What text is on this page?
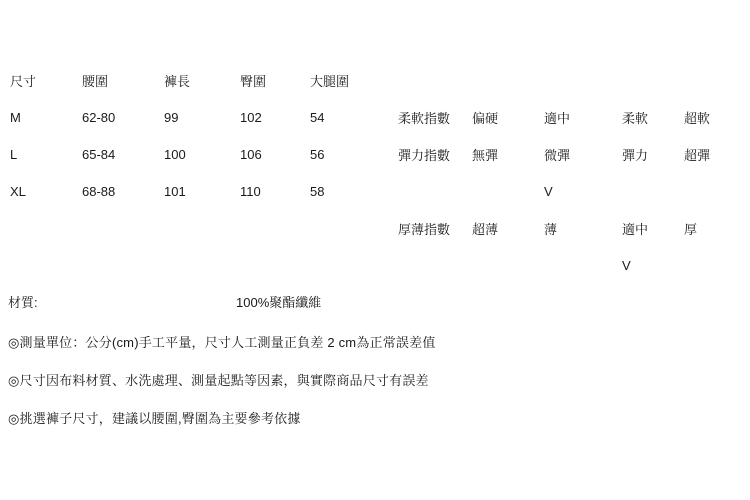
尺寸	腰圍	褲長	臀圍	大腿圍					
M	62-80	99	102	54	柔軟指數	偏硬	適中	柔軟	超軟
L	65-84	100	106	56	彈力指數	無彈	微彈	彈力	超彈
XL	68-88	101	110	58			V		
					厚薄指數	超薄	薄	適中	厚
								V	
材質:	100%聚酯纖維
◎測量單位：公分(cm)手工平量，尺寸人工測量正負差 2 cm為正常誤差值
◎尺寸因布料材質、水洗處理、測量起點等因素，與實際商品尺寸有誤差
◎挑選褲子尺寸，建議以腰圍,臀圍為主要參考依據
